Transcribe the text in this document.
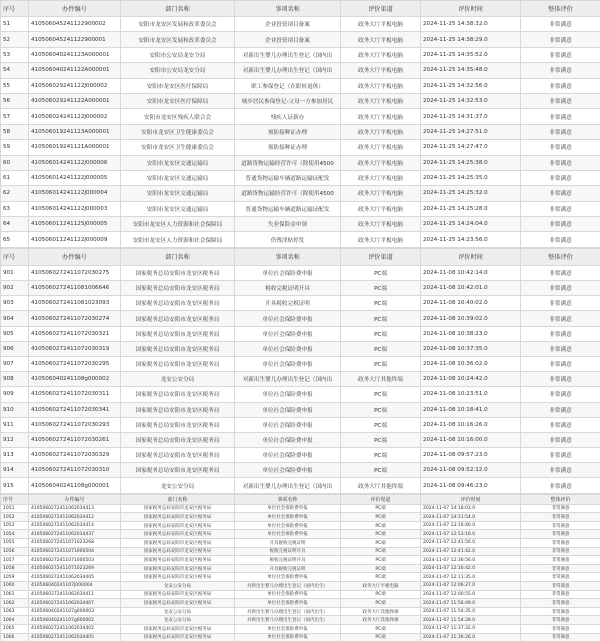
序号	办件编号	部门名称	事项名称	评价渠道	评价时间	整体评价
51	410506045241122900002	安阳市龙安区发展和改革委员会	企业投资项目备案	政务大厅平板电脑	2024-11-25 14:38:32.0	非常满意
52	410506045241122900001	安阳市龙安区发展和改革委员会	企业投资项目备案	政务大厅平板电脑	2024-11-25 14:38:29.0	非常满意
53	410506040241123A000001	安阳市公安局龙安分局	对新出生婴儿办理出生登记（国内出	政务大厅平板电脑	2024-11-25 14:35:52.0	非常满意
54	410506040241122A000001	安阳市公安局龙安分局	对新出生婴儿办理出生登记（国内出	政务大厅平板电脑	2024-11-25 14:35:48.0	非常满意
55	410506029241122J000002	安阳市龙安区医疗保障局	职工参保登记（在职转退休）	政务大厅平板电脑	2024-11-25 14:32:56.0	非常满意
56	410506029241122A000001	安阳市龙安区医疗保障局	城乡居民参保登记-父母一方参加居民	政务大厅平板电脑	2024-11-25 14:32:53.0	非常满意
57	410506024241122J000002	安阳市龙安区残疾人联合会	残疾人证新办	政务大厅平板电脑	2024-11-25 14:31:37.0	非常满意
58	410506019241123A000001	安阳市龙安区卫生健康委员会	预防接种证办理	政务大厅平板电脑	2024-11-25 14:27:51.0	非常满意
59	410506019241121A000001	安阳市龙安区卫生健康委员会	预防接种证办理	政务大厅平板电脑	2024-11-25 14:27:47.0	非常满意
60	410506014241122J000006	安阳市龙安区交通运输局	道路货物运输经营许可（除使用4500	政务大厅平板电脑	2024-11-25 14:25:38.0	非常满意
61	410506014241122J000005	安阳市龙安区交通运输局	普通货物运输车辆道路运输证配发	政务大厅平板电脑	2024-11-25 14:25:35.0	非常满意
62	410506014241122J000004	安阳市龙安区交通运输局	道路货物运输经营许可（除使用4500	政务大厅平板电脑	2024-11-25 14:25:32.0	非常满意
63	410506014241122J000003	安阳市龙安区交通运输局	普通货物运输车辆道路运输证配发	政务大厅平板电脑	2024-11-25 14:25:28.0	非常满意
64	410506011241125J000005	安阳市龙安区人力资源和社会保障局	失业保险金申领	政务大厅平板电脑	2024-11-25 14:24:04.0	非常满意
65	410506011241122J000009	安阳市龙安区人力资源和社会保障局	仍残津贴停发	政务大厅平板电脑	2024-11-25 14:23:56.0	非常满意
序号	办件编号	部门名称	事项名称	评价渠道	评价时间	整体评价
901	4105060272411072030275	国家税务总局安阳市龙安区税务局	单位社会保险费申报	PC端	2024-11-08 10:42:14.0	非常满意
902	4105060272411081006646	国家税务总局安阳市龙安区税务局	税收完税证明开具	PC端	2024-11-08 10:42:01.0	非常满意
903	4105060272411081023093	国家税务总局安阳市龙安区税务局	开具税收完税证明	PC端	2024-11-08 10:40:02.0	非常满意
904	4105060272411072030274	国家税务总局安阳市龙安区税务局	单位社会保险费申报	PC端	2024-11-08 10:39:02.0	非常满意
905	4105060272411072030321	国家税务总局安阳市龙安区税务局	单位社会保险费申报	PC端	2024-11-08 10:38:23.0	非常满意
906	4105060272411072030319	国家税务总局安阳市龙安区税务局	单位社会保险费申报	PC端	2024-11-08 10:37:35.0	非常满意
907	4105060272411072030295	国家税务总局安阳市龙安区税务局	单位社会保险费申报	PC端	2024-11-08 10:36:02.0	非常满意
908	410506040241108g000002	龙安公安分局	对新出生婴儿办理出生登记（国内出	政务大厅其他终端	2024-11-08 10:24:42.0	非常满意
909	4105060272411072030311	国家税务总局安阳市龙安区税务局	单位社会保险费申报	PC端	2024-11-08 10:23:51.0	非常满意
910	4105060272411072030341	国家税务总局安阳市龙安区税务局	单位社会保险费申报	PC端	2024-11-08 10:18:41.0	非常满意
911	4105060272411072030293	国家税务总局安阳市龙安区税务局	单位社会保险费申报	PC端	2024-11-08 10:16:26.0	非常满意
912	4105060272411072030261	国家税务总局安阳市龙安区税务局	单位社会保险费申报	PC端	2024-11-08 10:16:00.0	非常满意
913	4105060272411072030329	国家税务总局安阳市龙安区税务局	单位社会保险费申报	PC端	2024-11-08 09:57:23.0	非常满意
914	4105060272411072030310	国家税务总局安阳市龙安区税务局	单位社会保险费申报	PC端	2024-11-08 09:52:12.0	非常满意
915	410506040241108g000001	龙安公安分局	对新出生婴儿办理出生登记（国内出	政务大厅其他终端	2024-11-08 09:46:23.0	非常满意
序号	办件编号	部门名称	事项名称	评价渠道	评价时间	整体评价
1051	4105060272411062034413	国家税务总局安阳市龙安区税务局	单位社会保险费申报	PC端	2024-11-07 14:18:03.0	非常满意
1052	4105060272411062034412	国家税务总局安阳市龙安区税务局	单位社会保险费申报	PC端	2024-11-07 14:11:54.0	非常满意
1053	4105060272411062034414	国家税务总局安阳市龙安区税务局	单位社会保险费申报	PC端	2024-11-07 13:16:40.0	非常满意
1054	4105060272411062034437	国家税务总局安阳市龙安区税务局	单位社会保险费申报	PC端	2024-11-07 12:53:16.0	非常满意
1055	4105060272411071023268	国家税务总局安阳市龙安区税务局	开具税收完税证明	PC端	2024-11-07 12:41:56.0	非常满意
1056	4105060272411071000504	国家税务总局安阳市龙安区税务局	税收完税证明开具	PC端	2024-11-07 12:41:42.0	非常满意
1057	4105060272411071000503	国家税务总局安阳市龙安区税务局	税收完税证明开具	PC端	2024-11-07 12:36:56.0	非常满意
1058	4105060272411071023269	国家税务总局安阳市龙安区税务局	开具税收完税证明	PC端	2024-11-07 12:16:42.0	非常满意
1059	4105060272411062034405	国家税务总局安阳市龙安区税务局	单位社会保险费申报	PC端	2024-11-07 12:11:35.0	非常满意
1060	410506040241107J000004	龙安公安分局	对新出生婴儿办理出生登记（国内出生）	政务大厅平板电脑	2024-11-07 12:06:27.0	非常满意
1061	4105060272411062034411	国家税务总局安阳市龙安区税务局	单位社会保险费申报	PC端	2024-11-07 12:00:55.0	非常满意
1062	4105060272411062034407	国家税务总局安阳市龙安区税务局	单位社会保险费申报	PC端	2024-11-07 11:56:49.0	非常满意
1063	410506040241107g000003	龙安公安分局	对新出生婴儿办理出生登记（国内出生）	政务大厅其他终端	2024-11-07 11:54:35.0	非常满意
1064	410506040241107g000002	龙安公安分局	对新出生婴儿办理出生登记（国内出生）	政务大厅其他终端	2024-11-07 11:54:28.0	非常满意
1065	4105060272411062034402	国家税务总局安阳市龙安区税务局	单位社会保险费申报	PC端	2024-11-07 11:37:32.0	非常满意
1066	4105060272411062034405	国家税务总局安阳市龙安区税务局	单位社会保险费申报	PC端	2024-11-07 11:36:26.0	非常满意
